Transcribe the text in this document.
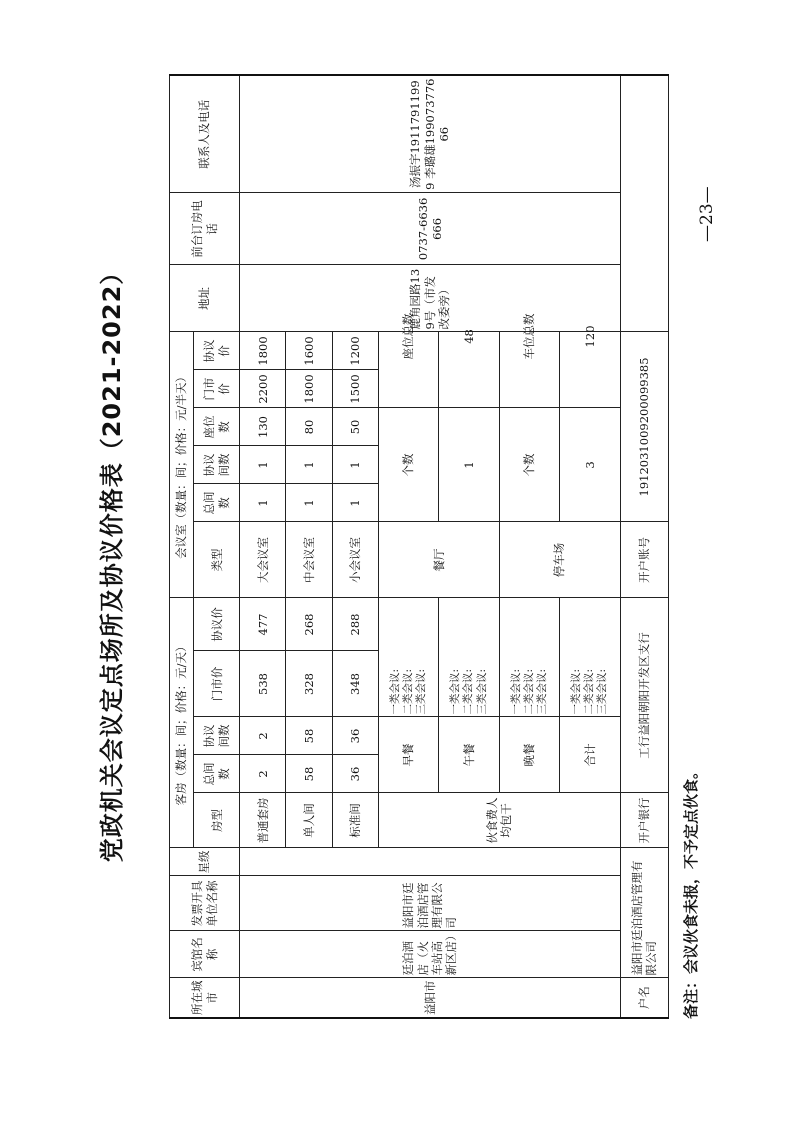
党政机关会议定点场所及协议价格表（2021-2022）
所在城市	宾馆名称	发票开具单位名称	星级	客房（数量：间；价格：元/天）					会议室（数量：间；价格：元/半天）						地址	前台订房电话	联系人及电话
				房型	总间数	协议间数	门市价	协议价	类型	总间数	协议间数	座位数	门市价	协议价			
益阳市	廷泊酒店（火车站高新区店）	益阳市廷泊酒店管理有限公司		普通套房	2	2	538	477	大会议室	1	1	130	2200	1800	鹿角园路139号（市发改委旁）	0737-6636666	汤振宇19117911999 李璐雄19907377666
				单人间	58	58	328	268	中会议室	1	1	80	1800	1600			
				标准间	36	36	348	288	小会议室	1	1	50	1500	1200			
				伙食费人均包干	早餐		一类会议: 二类会议: 三类会议:		餐厅	个数			座位总数				
					午餐		一类会议: 二类会议: 三类会议:			1			48				
					晚餐		一类会议: 二类会议: 三类会议:		停车场	个数			车位总数				
					合计		一类会议: 二类会议: 三类会议:			3			120				
户名	益阳市廷泊酒店管理有限公司			开户银行	工行益阳朝阳开发区支行				开户账号	1912031009200099385							
备注：会议伙食未报，不予定点伙食。
—23—
